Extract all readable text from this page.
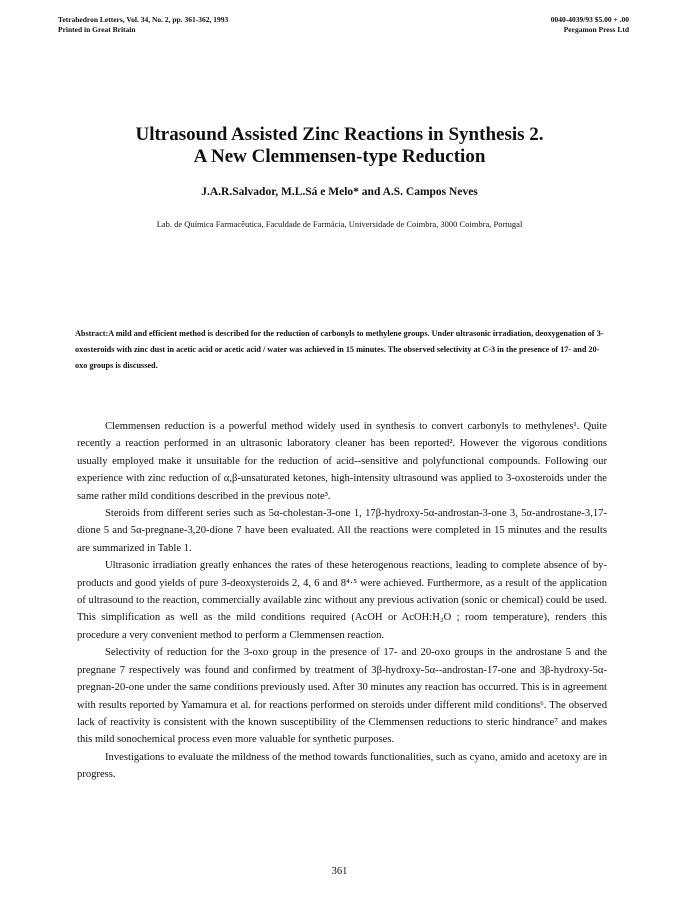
Tetrahedron Letters, Vol. 34, No. 2, pp. 361-362, 1993
Printed in Great Britain
0040-4039/93 $5.00 + .00
Pergamon Press Ltd
Ultrasound Assisted Zinc Reactions in Synthesis 2.
A New Clemmensen-type Reduction
J.A.R.Salvador, M.L.Sá e Melo* and A.S. Campos Neves
Lab. de Química Farmacêutica, Faculdade de Farmácia, Universidade de Coimbra, 3000 Coimbra, Portugal
Abstract:A mild and efficient method is described for the reduction of carbonyls to methylene groups. Under ultrasonic irradiation, deoxygenation of 3-oxosteroids with zinc dust in acetic acid or acetic acid / water was achieved in 15 minutes. The observed selectivity at C-3 in the presence of 17- and 20-oxo groups is discussed.

Clemmensen reduction is a powerful method widely used in synthesis to convert carbonyls to methylenes¹. Quite recently a reaction performed in an ultrasonic laboratory cleaner has been reported². However the vigorous conditions usually employed make it unsuitable for the reduction of acid--sensitive and polyfunctional compounds. Following our experience with zinc reduction of α,β-unsaturated ketones, high-intensity ultrasound was applied to 3-oxosteroids under the same rather mild conditions described in the previous note³.

Steroids from different series such as 5α-cholestan-3-one 1, 17β-hydroxy-5α-androstan-3-one 3, 5α-androstane-3,17-dione 5 and 5α-pregnane-3,20-dione 7 have been evaluated. All the reactions were completed in 15 minutes and the results are summarized in Table 1.

Ultrasonic irradiation greatly enhances the rates of these heterogenous reactions, leading to complete absence of by-products and good yields of pure 3-deoxysteroids 2, 4, 6 and 8⁴·⁵ were achieved. Furthermore, as a result of the application of ultrasound to the reaction, commercially available zinc without any previous activation (sonic or chemical) could be used. This simplification as well as the mild conditions required (AcOH or AcOH:H₂O ; room temperature), renders this procedure a very convenient method to perform a Clemmensen reaction.

Selectivity of reduction for the 3-oxo group in the presence of 17- and 20-oxo groups in the androstane 5 and the pregnane 7 respectively was found and confirmed by treatment of 3β-hydroxy-5α--androstan-17-one and 3β-hydroxy-5α-pregnan-20-one under the same conditions previously used. After 30 minutes any reaction has occurred. This is in agreement with results reported by Yamamura et al. for reactions performed on steroids under different mild conditions⁶. The observed lack of reactivity is consistent with the known susceptibility of the Clemmensen reductions to steric hindrance⁷ and makes this mild sonochemical process even more valuable for synthetic purposes.

Investigations to evaluate the mildness of the method towards functionalities, such as cyano, amido and acetoxy are in progress.

361
